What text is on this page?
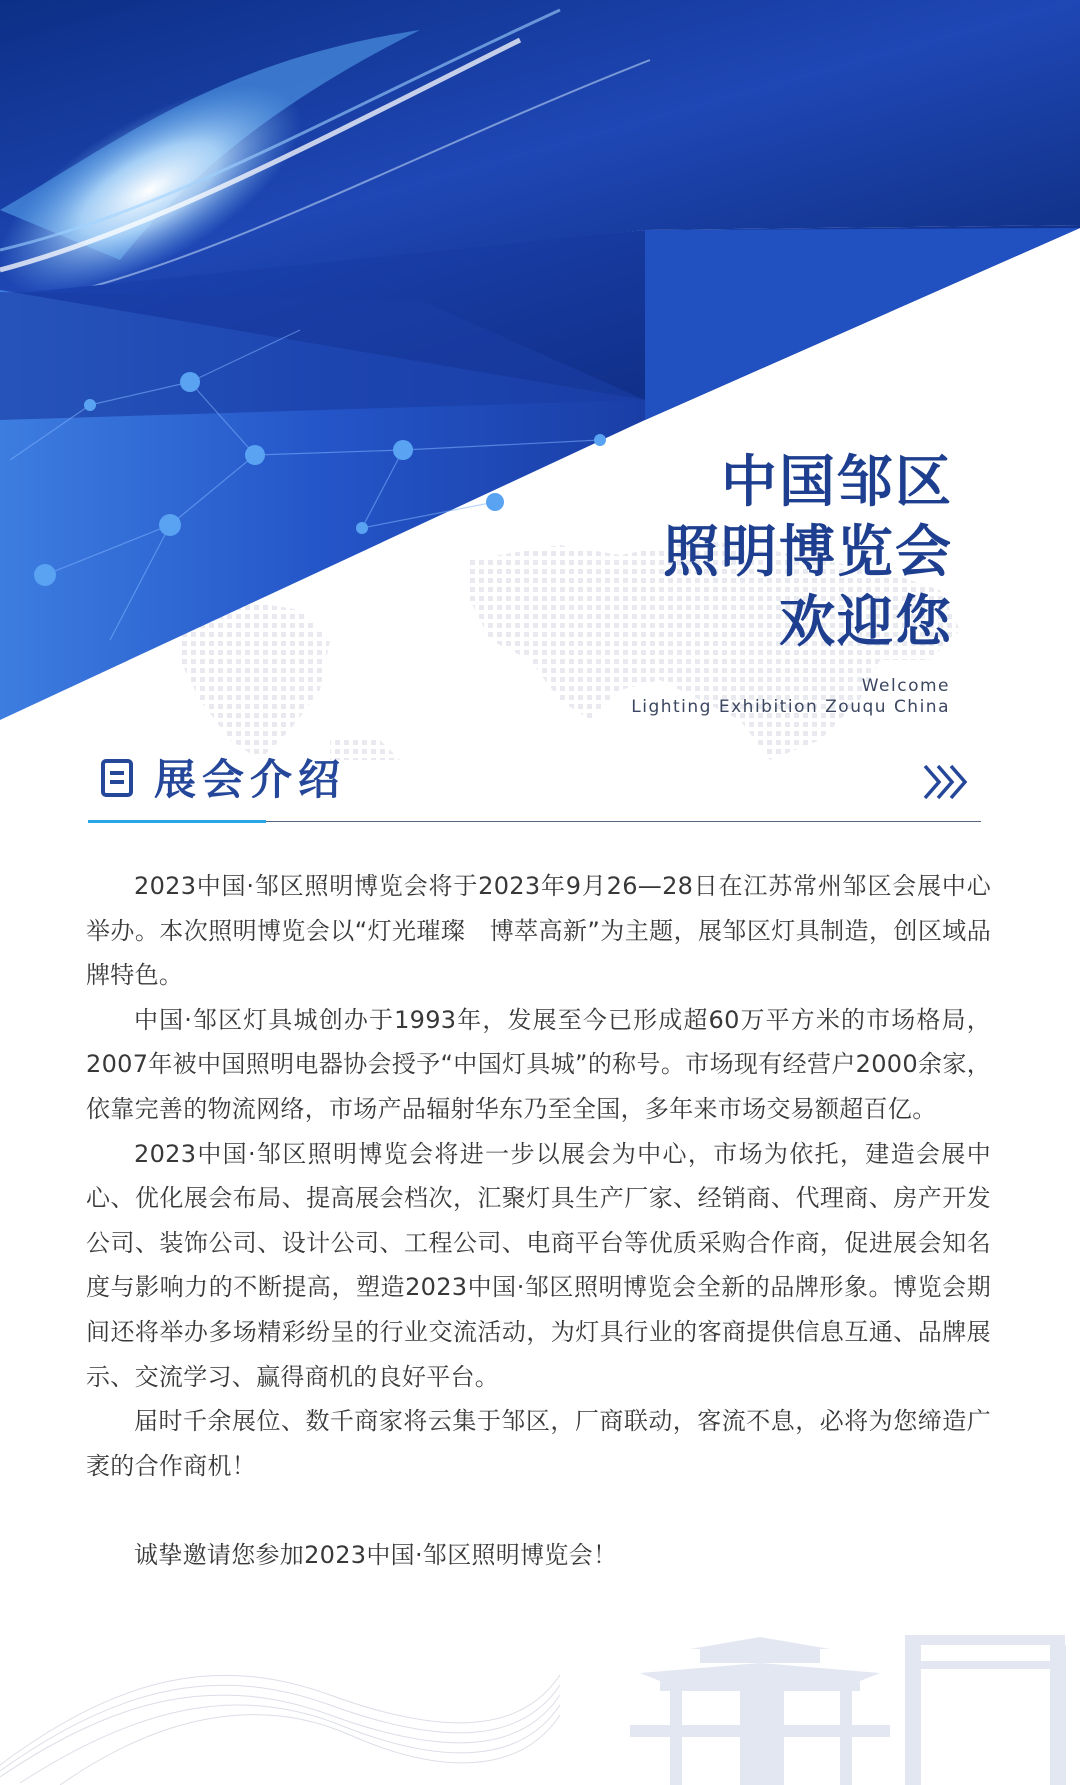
中国邹区
照明博览会
欢迎您
Welcome
Lighting Exhibition Zouqu China
展会介绍

2023中国·邹区照明博览会将于2023年9月26—28日在江苏常州邹区会展中心举办。本次照明博览会以“灯光璀璨　博萃高新”为主题，展邹区灯具制造，创区域品牌特色。

中国·邹区灯具城创办于1993年，发展至今已形成超60万平方米的市场格局，2007年被中国照明电器协会授予“中国灯具城”的称号。市场现有经营户2000余家，依靠完善的物流网络，市场产品辐射华东乃至全国，多年来市场交易额超百亿。

2023中国·邹区照明博览会将进一步以展会为中心，市场为依托，建造会展中心、优化展会布局、提高展会档次，汇聚灯具生产厂家、经销商、代理商、房产开发公司、装饰公司、设计公司、工程公司、电商平台等优质采购合作商，促进展会知名度与影响力的不断提高，塑造2023中国·邹区照明博览会全新的品牌形象。博览会期间还将举办多场精彩纷呈的行业交流活动，为灯具行业的客商提供信息互通、品牌展示、交流学习、赢得商机的良好平台。

届时千余展位、数千商家将云集于邹区，厂商联动，客流不息，必将为您缔造广袤的合作商机！

诚挚邀请您参加2023中国·邹区照明博览会！
